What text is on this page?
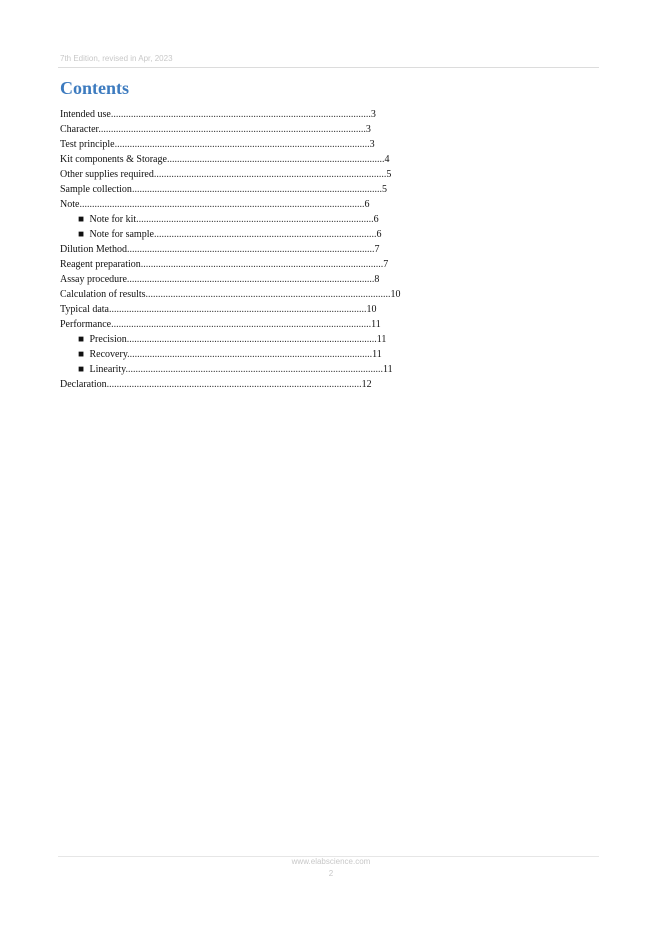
7th Edition, revised in Apr, 2023
Contents
Intended use........................................................................................................3
Character...........................................................................................................3
Test principle......................................................................................................3
Kit components & Storage.......................................................................................4
Other supplies required.............................................................................................5
Sample collection....................................................................................................5
Note..................................................................................................................6
■ Note for kit...............................................................................................6
■ Note for sample.........................................................................................6
Dilution Method...................................................................................................7
Reagent preparation.................................................................................................7
Assay procedure...................................................................................................8
Calculation of results..................................................................................................10
Typical data.......................................................................................................10
Performance........................................................................................................11
■ Precision....................................................................................................11
■ Recovery..................................................................................................11
■ Linearity.......................................................................................................11
Declaration......................................................................................................12
www.elabscience.com
2
